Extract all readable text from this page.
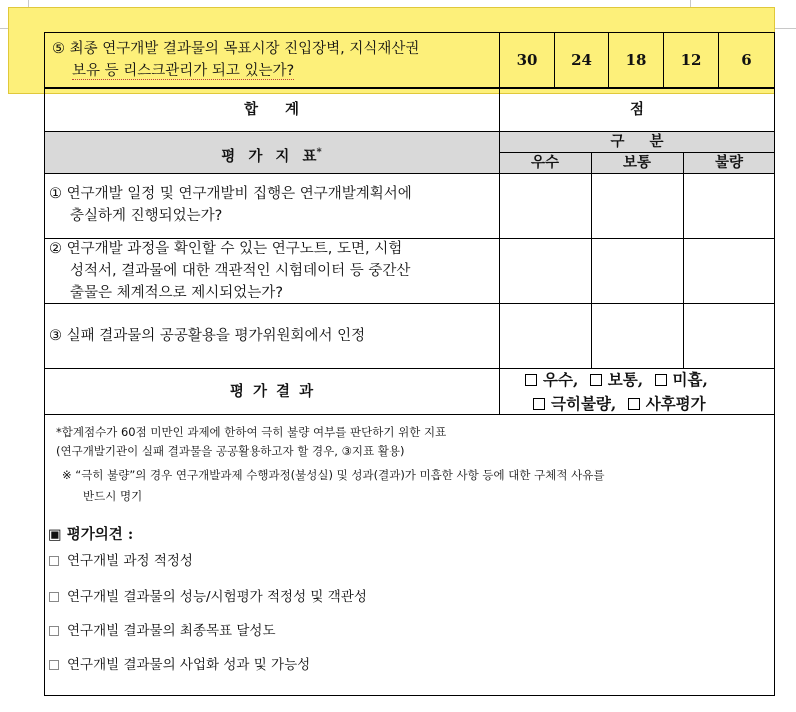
⑤ 최종 연구개발 결과물의 목표시장 진입장벽, 지식재산권
보유 등 리스크관리가 되고 있는가?
30	24	18	12	6
합 계	점
평 가 지 표*
구 분
우수	보통	불량
① 연구개발 일정 및 연구개발비 집행은 연구개발계획서에
충실하게 진행되었는가?
② 연구개발 과정을 확인할 수 있는 연구노트, 도면, 시험
성적서, 결과물에 대한 객관적인 시험데이터 등 중간산
출물은 체계적으로 제시되었는가?
③ 실패 결과물의 공공활용을 평가위원회에서 인정
평 가 결 과
우수, 보통, 미흡,
극히불량, 사후평가
*합계점수가 60점 미만인 과제에 한하여 극히 불량 여부를 판단하기 위한 지표
(연구개발기관이 실패 결과물을 공공활용하고자 할 경우, ③지표 활용)
※ “극히 불량”의 경우 연구개발과제 수행과정(불성실) 및 성과(결과)가 미흡한 사항 등에 대한 구체적 사유를
반드시 명기
▣ 평가의견 :
연구개빌 과정 적정성
연구개빌 결과물의 성능/시험평가 적정성 및 객관성
연구개빌 결과물의 최종목표 달성도
연구개빌 결과물의 사업화 성과 및 가능성
